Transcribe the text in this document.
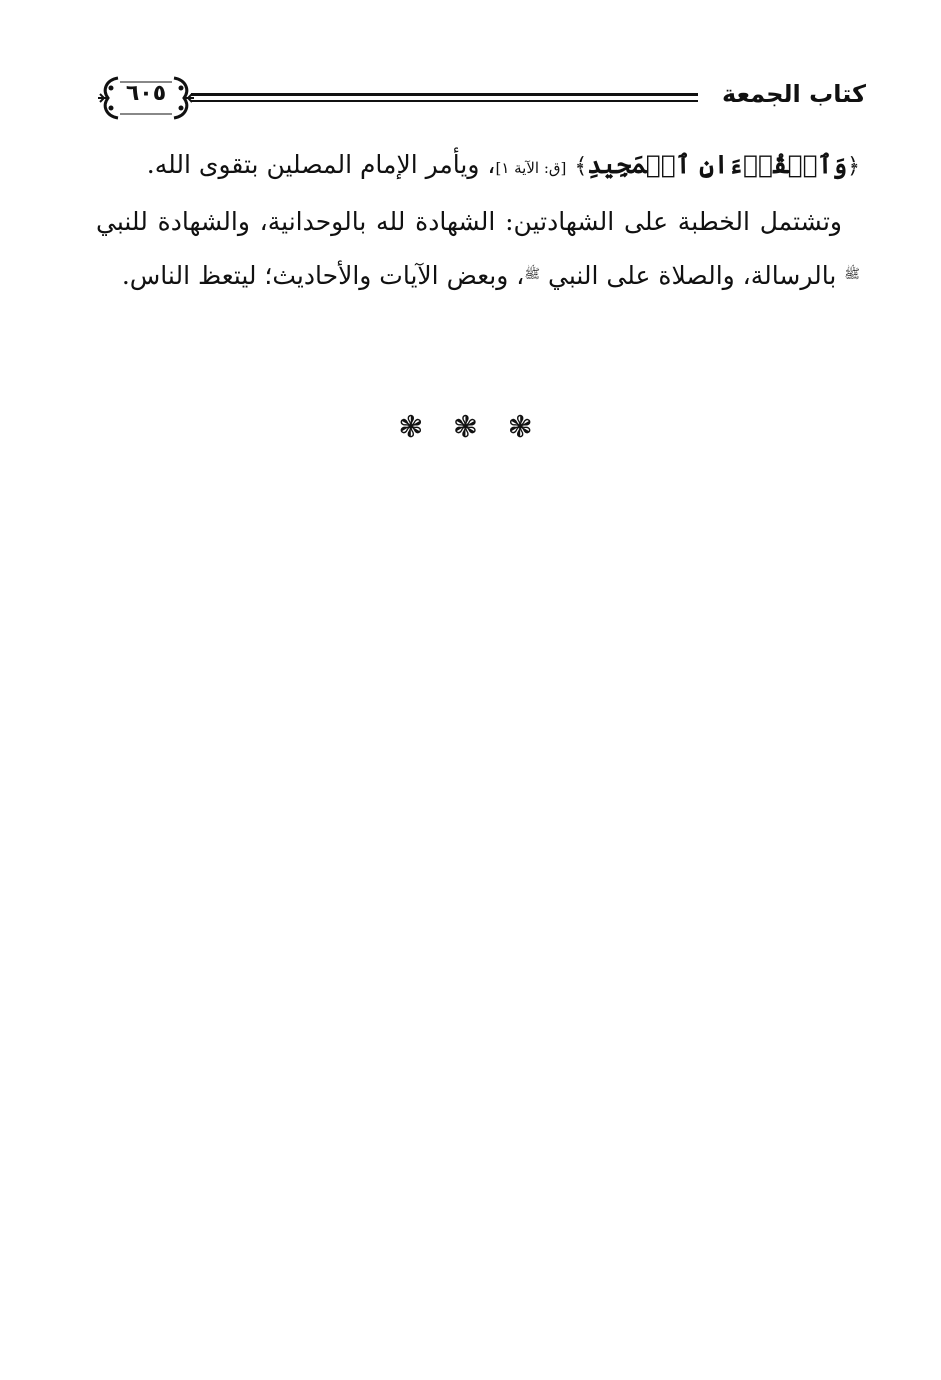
كتاب الجمعة
٦٠٥

﴿وَٱلۡقُرۡءَانِ ٱلۡمَجِيدِ﴾ [ق: الآية ١]، ويأمر الإمام المصلين بتقوى الله.

وتشتمل الخطبة على الشهادتين: الشهادة لله بالوحدانية، والشهادة للنبي $^ﷺ$ بالرسالة، والصلاة على النبي $^ﷺ$، وبعض الآيات والأحاديث؛ ليتعظ الناس.

❃ ❃ ❃
